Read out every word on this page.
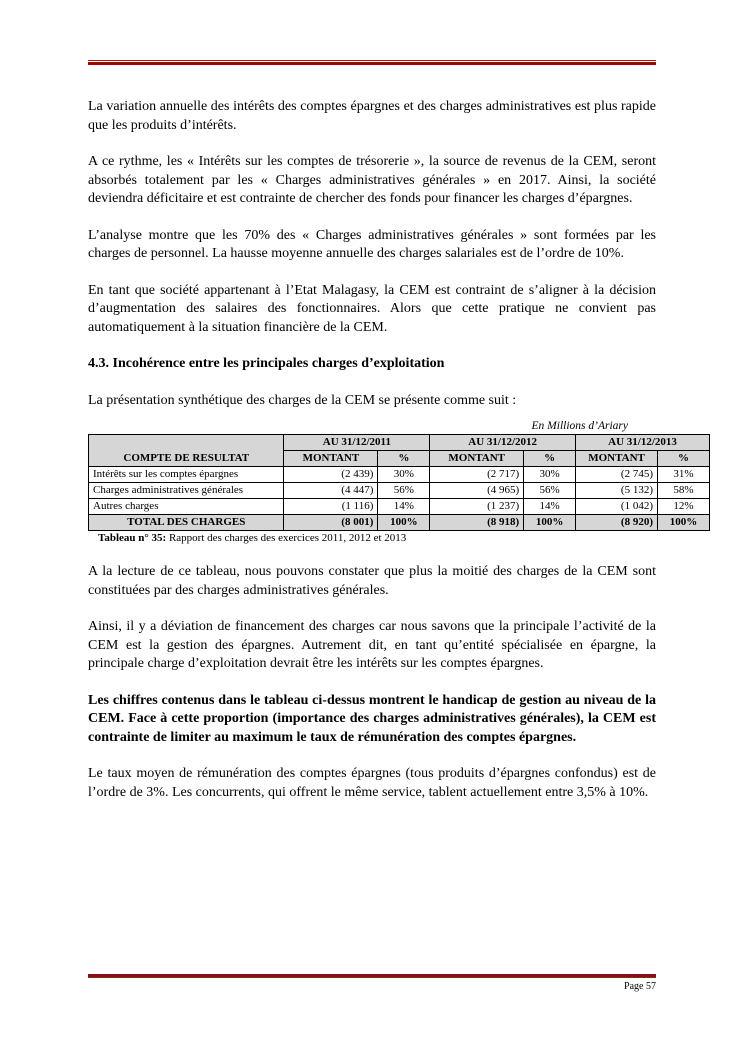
La variation annuelle des intérêts des comptes épargnes et des charges administratives est plus rapide que les produits d’intérêts.

A ce rythme, les « Intérêts sur les comptes de trésorerie », la source de revenus de la CEM, seront absorbés totalement par les « Charges administratives générales » en 2017. Ainsi, la société deviendra déficitaire et est contrainte de chercher des fonds pour financer les charges d’épargnes.

L’analyse montre que les 70% des « Charges administratives générales » sont formées par les charges de personnel. La hausse moyenne annuelle des charges salariales est de l’ordre de 10%.

En tant que société appartenant à l’Etat Malagasy, la CEM est contraint de s’aligner à la décision d’augmentation des salaires des fonctionnaires. Alors que cette pratique ne convient pas automatiquement à la situation financière de la CEM.

4.3. Incohérence entre les principales charges d’exploitation

La présentation synthétique des charges de la CEM se présente comme suit :

En Millions d’Ariary
COMPTE DE RESULTAT	AU 31/12/2011		AU 31/12/2012		AU 31/12/2013	
	MONTANT	%	MONTANT	%	MONTANT	%
Intérêts sur les comptes épargnes	(2 439)	30%	(2 717)	30%	(2 745)	31%
Charges administratives générales	(4 447)	56%	(4 965)	56%	(5 132)	58%
Autres charges	(1 116)	14%	(1 237)	14%	(1 042)	12%
TOTAL DES CHARGES	(8 001)	100%	(8 918)	100%	(8 920)	100%
Tableau n° 35: Rapport des charges des exercices 2011, 2012 et 2013

A la lecture de ce tableau, nous pouvons constater que plus la moitié des charges de la CEM sont constituées par des charges administratives générales.

Ainsi, il y a déviation de financement des charges car nous savons que la principale l’activité de la CEM est la gestion des épargnes. Autrement dit, en tant qu’entité spécialisée en épargne, la principale charge d’exploitation devrait être les intérêts sur les comptes épargnes.

Les chiffres contenus dans le tableau ci-dessus montrent le handicap de gestion au niveau de la CEM. Face à cette proportion (importance des charges administratives générales), la CEM est contrainte de limiter au maximum le taux de rémunération des comptes épargnes.

Le taux moyen de rémunération des comptes épargnes (tous produits d’épargnes confondus) est de l’ordre de 3%. Les concurrents, qui offrent le même service, tablent actuellement entre 3,5% à 10%.

Page 57
